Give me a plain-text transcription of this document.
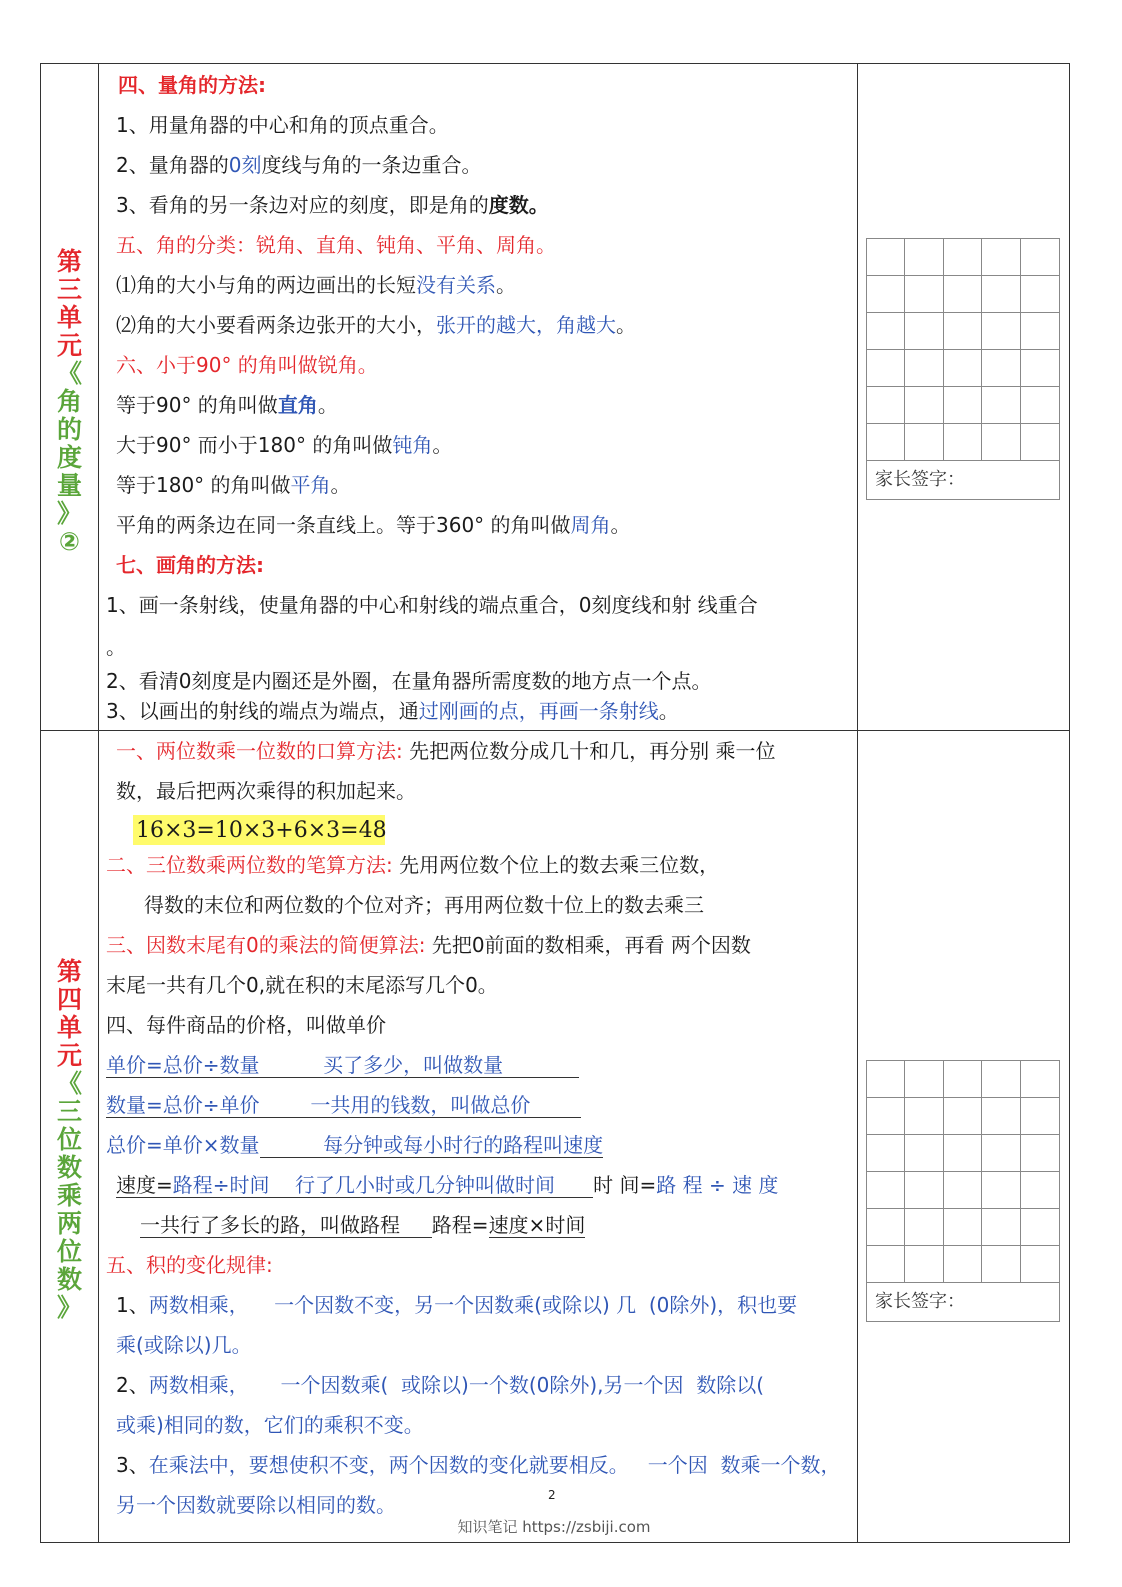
第
三
单
元
《
角
的
度
量
》
②
第
四
单
元
《
三
位
数
乘
两
位
数
》
四、量角的方法:
1、用量角器的中心和角的顶点重合。
2、量角器的0刻度线与角的一条边重合。
3、看角的另一条边对应的刻度，即是角的度数。
五、角的分类：锐角、直角、钝角、平角、周角。
⑴角的大小与角的两边画出的长短没有关系。
⑵角的大小要看两条边张开的大小，张开的越大，角越大。
六、小于90° 的角叫做锐角。
等于90° 的角叫做直角。
大于90° 而小于180° 的角叫做钝角。
等于180° 的角叫做平角。
平角的两条边在同一条直线上。等于360° 的角叫做周角。
七、画角的方法:
1、画一条射线，使量角器的中心和射线的端点重合，0刻度线和射 线重合
。
2、看清0刻度是内圈还是外圈，在量角器所需度数的地方点一个点。
3、以画出的射线的端点为端点，通过刚画的点，再画一条射线。
一、两位数乘一位数的口算方法: 先把两位数分成几十和几，再分别 乘一位
数，最后把两次乘得的积加起来。
16×3=10×3+6×3=48
二、三位数乘两位数的笔算方法: 先用两位数个位上的数去乘三位数，
得数的末位和两位数的个位对齐；再用两位数十位上的数去乘三
三、因数末尾有0的乘法的简便算法: 先把0前面的数相乘，再看 两个因数
末尾一共有几个0,就在积的末尾添写几个0。
四、每件商品的价格，叫做单价
单价=总价÷数量          买了多少，叫做数量
数量=总价÷单价        一共用的钱数，叫做总价
总价=单价×数量          每分钟或每小时行的路程叫速度
速度=路程÷时间    行了几小时或几分钟叫做时间      时 间=路 程 ÷ 速 度
一共行了多长的路，叫做路程     路程=速度×时间
五、积的变化规律:
1、两数相乘，    一个因数不变，另一个因数乘(或除以) 几  (0除外)，积也要
乘(或除以)几。
2、两数相乘，     一个因数乘(  或除以)一个数(0除外),另一个因  数除以(
或乘)相同的数，它们的乘积不变。
3、在乘法中，要想使积不变，两个因数的变化就要相反。   一个因  数乘一个数，
另一个因数就要除以相同的数。
家长签字：
家长签字：
2
知识笔记 https://zsbiji.com
